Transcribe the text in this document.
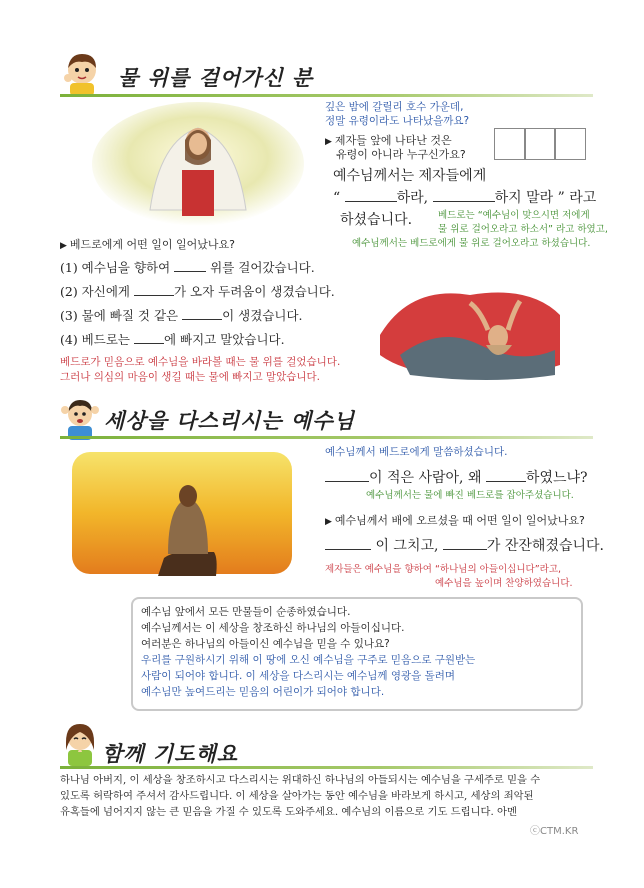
물 위를 걸어가신 분
깊은 밤에 갈릴리 호수 가운데,
정말 유령이라도 나타났을까요?
▶ 제자들 앞에 나타난 것은
유령이 아니라 누구신가요?
예수님께서는 제자들에게
“	하라,	하지 말라 ” 라고
하셨습니다.	베드로는 “예수님이 맞으시면 저에게
물 위로 걸어오라고 하소서” 라고 하였고,
예수님께서는 베드로에게 물 위로 걸어오라고 하셨습니다.
▶ 베드로에게 어떤 일이 일어났나요?
(1) 예수님을 향하여	위를 걸어갔습니다.
(2) 자신에게	가 오자 두려움이 생겼습니다.
(3) 물에 빠질 것 같은	이 생겼습니다.
(4) 베드로는	에 빠지고 말았습니다.
베드로가 믿음으로 예수님을 바라볼 때는 물 위를 걸었습니다.
그러나 의심의 마음이 생길 때는 물에 빠지고 말았습니다.
세상을 다스리시는 예수님
예수님께서 베드로에게 말씀하셨습니다.
이 적은 사람아, 왜	하였느냐?
예수님께서는 물에 빠진 베드로를 잡아주셨습니다.
▶ 예수님께서 배에 오르셨을 때 어떤 일이 일어났나요?
이 그치고,	가 잔잔해졌습니다.
제자들은 예수님을 향하여 “하나님의 아들이십니다”라고,
예수님을 높이며 찬양하였습니다.
예수님 앞에서 모든 만물들이 순종하였습니다.
예수님께서는 이 세상을 창조하신 하나님의 아들이십니다.
여러분은 하나님의 아들이신 예수님을 믿을 수 있나요?
우리를 구원하시기 위해 이 땅에 오신 예수님을 구주로 믿음으로 구원받는
사람이 되어야 합니다. 이 세상을 다스리시는 예수님께 영광을 돌려며
예수님만 높여드리는 믿음의 어린이가 되어야 합니다.
함께 기도해요
하나님 아버지, 이 세상을 창조하시고 다스리시는 위대하신 하나님의 아들되시는 예수님을 구세주로 믿을 수
있도록 허락하여 주셔서 감사드립니다. 이 세상을 살아가는 동안 예수님을 바라보게 하시고, 세상의 죄악된
유혹들에 넘어지지 않는 큰 믿음을 가질 수 있도록 도와주세요. 예수님의 이름으로 기도 드립니다. 아멘
ⓒCTM.KR
